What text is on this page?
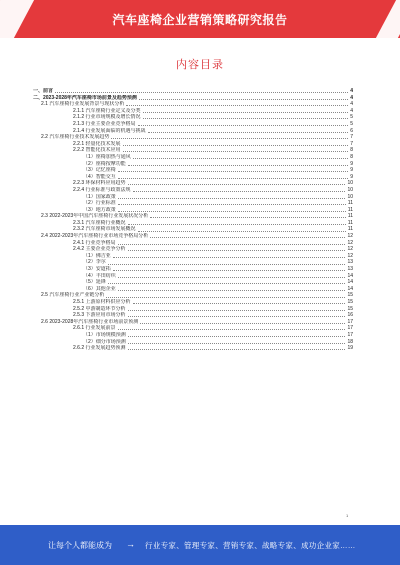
汽车座椅企业营销策略研究报告
内容目录
一、前言	4
二、2023-2028年汽车座椅市场前景及趋势预测	4
2.1 汽车座椅行业发展背景与现状分析	4
2.1.1 汽车座椅行业定义及分类	4
2.1.2 行业市场规模及增长情况	5
2.1.3 行业主要企业竞争格局	5
2.1.4 行业发展面临的机遇与挑战	6
2.2 汽车座椅行业技术发展趋势	7
2.2.1 轻量化技术发展	7
2.2.2 智能化技术应用	8
（1）座椅加热与通风	8
（2）座椅按摩功能	9
（3）记忆座椅	9
（4）智能交互	9
2.2.3 环保材料应用趋势	10
2.2.4 行业标准与政策法规	10
（1）国家政策	10
（2）行业标准	11
（3）地方政策	11
2.3 2022-2023年中国汽车座椅行业发展状况分析	11
2.3.1 汽车座椅行业概况	11
2.3.2 汽车座椅市场发展概况	11
2.4 2022-2023年汽车座椅行业市场竞争格局分析	12
2.4.1 行业竞争格局	12
2.4.2 主要企业竞争分析	12
（1）佛吉亚	12
（2）李尔	13
（3）安道拓	13
（4）丰田纺织	14
（5）延锋	14
（6）其他企业	14
2.5 汽车座椅行业产业链分析	15
2.5.1 上游原材料供应分析	15
2.5.2 中游制造环节分析	15
2.5.3 下游应用市场分析	16
2.6 2023-2028年汽车座椅行业市场前景预测	17
2.6.1 行业发展前景	17
（1）市场规模预测	17
（2）细分市场预测	18
2.6.2 行业发展趋势预测	19
1
让每个人都能成为 → 行业专家、管理专家、营销专家、战略专家、成功企业家……
